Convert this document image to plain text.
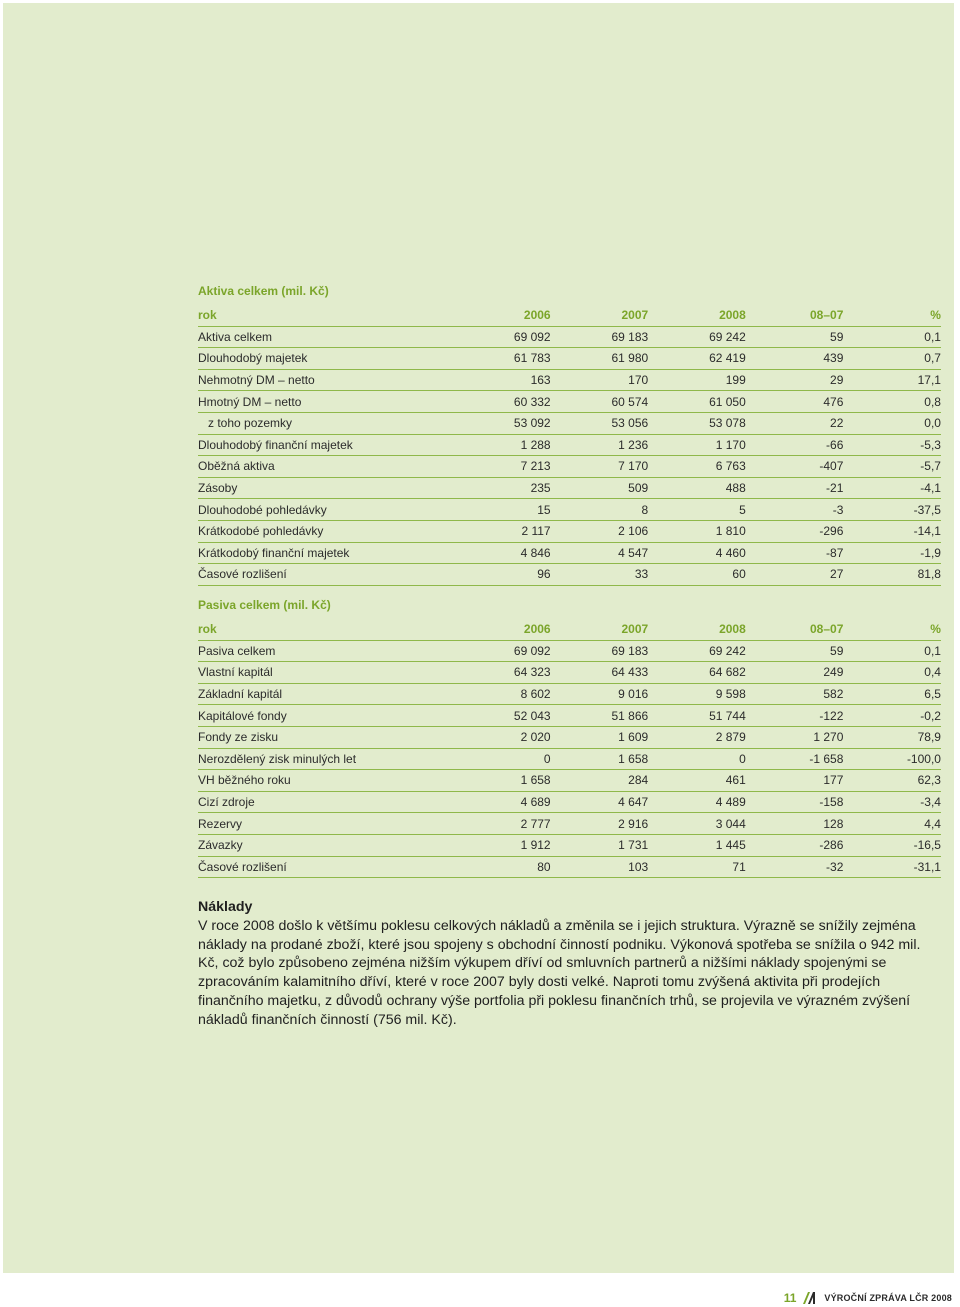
Aktiva celkem (mil. Kč)
rok	2006	2007	2008	08–07	%
Aktiva celkem	69 092	69 183	69 242	59	0,1
Dlouhodobý majetek	61 783	61 980	62 419	439	0,7
Nehmotný DM – netto	163	170	199	29	17,1
Hmotný DM – netto	60 332	60 574	61 050	476	0,8
z toho pozemky	53 092	53 056	53 078	22	0,0
Dlouhodobý finanční majetek	1 288	1 236	1 170	-66	-5,3
Oběžná aktiva	7 213	7 170	6 763	-407	-5,7
Zásoby	235	509	488	-21	-4,1
Dlouhodobé pohledávky	15	8	5	-3	-37,5
Krátkodobé pohledávky	2 117	2 106	1 810	-296	-14,1
Krátkodobý finanční majetek	4 846	4 547	4 460	-87	-1,9
Časové rozlišení	96	33	60	27	81,8
Pasiva celkem (mil. Kč)
rok	2006	2007	2008	08–07	%
Pasiva celkem	69 092	69 183	69 242	59	0,1
Vlastní kapitál	64 323	64 433	64 682	249	0,4
Základní kapitál	8 602	9 016	9 598	582	6,5
Kapitálové fondy	52 043	51 866	51 744	-122	-0,2
Fondy ze zisku	2 020	1 609	2 879	1 270	78,9
Nerozdělený zisk minulých let	0	1 658	0	-1 658	-100,0
VH běžného roku	1 658	284	461	177	62,3
Cizí zdroje	4 689	4 647	4 489	-158	-3,4
Rezervy	2 777	2 916	3 044	128	4,4
Závazky	1 912	1 731	1 445	-286	-16,5
Časové rozlišení	80	103	71	-32	-31,1
Náklady
V roce 2008 došlo k většímu poklesu celkových nákladů a změnila se i jejich struktura. Výrazně se snížily zejména náklady na prodané zboží, které jsou spojeny s obchodní činností podniku. Výkonová spotřeba se snížila o 942 mil. Kč, což bylo způsobeno zejména nižším výkupem dříví od smluvních partnerů a nižšími náklady spojenými se zpracováním kalamitního dříví, které v roce 2007 byly dosti velké. Naproti tomu zvýšená aktivita při prodejích finančního majetku, z důvodů ochrany výše portfolia při poklesu finančních trhů, se projevila ve výrazném zvýšení nákladů finančních činností (756 mil. Kč).
11	VÝROČNÍ ZPRÁVA LČR 2008
